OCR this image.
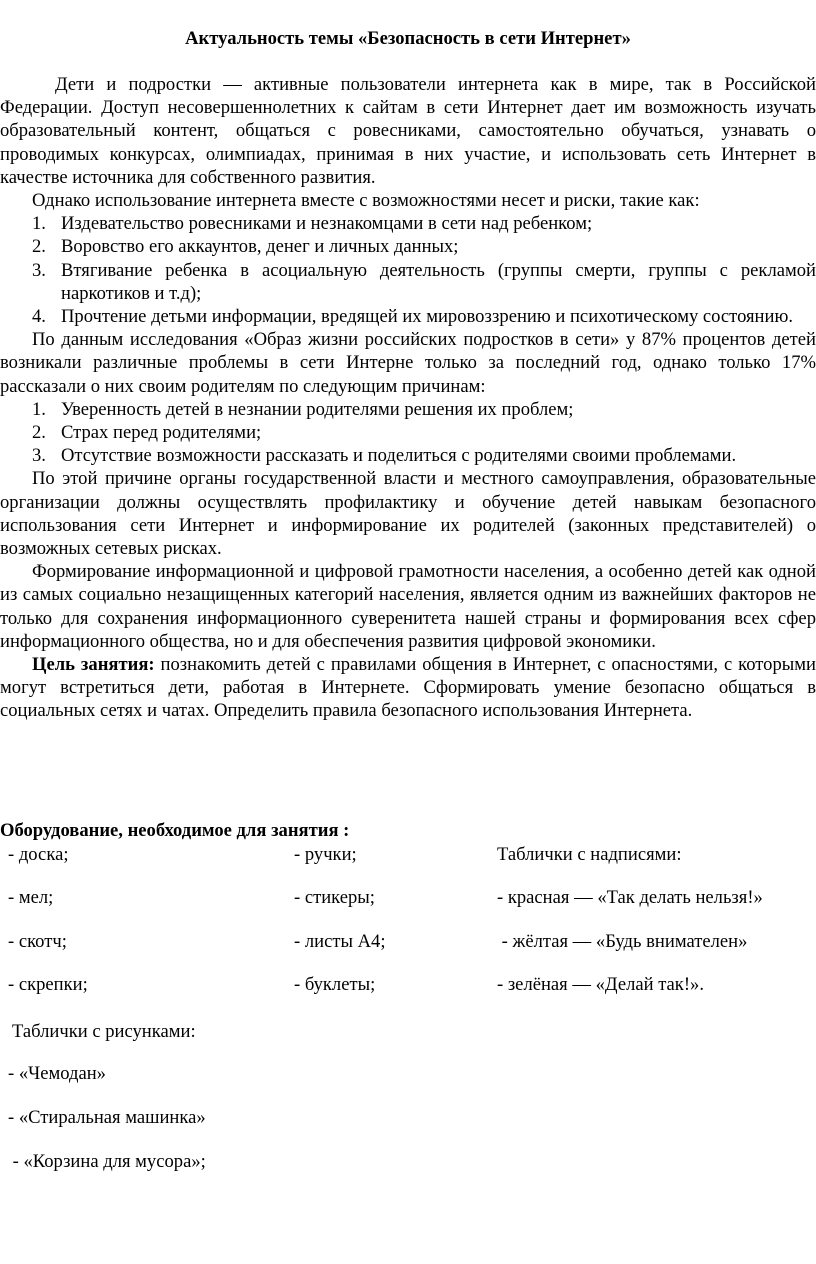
Актуальность темы «Безопасность в сети Интернет»

Дети и подростки — активные пользователи интернета как в мире, так в Российской Федерации. Доступ несовершеннолетних к сайтам в сети Интернет дает им возможность изучать образовательный контент, общаться с ровесниками, самостоятельно обучаться, узнавать о проводимых конкурсах, олимпиадах, принимая в них участие, и использовать сеть Интернет в качестве источника для собственного развития.

Однако использование интернета вместе с возможностями несет и риски, такие как:

1. Издевательство ровесниками и незнакомцами в сети над ребенком;
2. Воровство его аккаунтов, денег и личных данных;
3. Втягивание ребенка в асоциальную деятельность (группы смерти, группы с рекламой наркотиков и т.д);
4. Прочтение детьми информации, вредящей их мировоззрению и психотическому состоянию.

По данным исследования «Образ жизни российских подростков в сети» у 87% процентов детей возникали различные проблемы в сети Интерне только за последний год, однако только 17% рассказали о них своим родителям по следующим причинам:

1. Уверенность детей в незнании родителями решения их проблем;
2. Страх перед родителями;
3. Отсутствие возможности рассказать и поделиться с родителями своими проблемами.

По этой причине органы государственной власти и местного самоуправления, образовательные организации должны осуществлять профилактику и обучение детей навыкам безопасного использования сети Интернет и информирование их родителей (законных представителей) о возможных сетевых рисках.

Формирование информационной и цифровой грамотности населения, а особенно детей как одной из самых социально незащищенных категорий населения, является одним из важнейших факторов не только для сохранения информационного суверенитета нашей страны и формирования всех сфер информационного общества, но и для обеспечения развития цифровой экономики.

Цель занятия: познакомить детей с правилами общения в Интернет, с опасностями, с которыми могут встретиться дети, работая в Интернете. Сформировать умение безопасно общаться в социальных сетях и чатах. Определить правила безопасного использования Интернета.

Оборудование, необходимое для занятия :
- доска;
- мел;
- скотч;
- скрепки;
- ручки;
- стикеры;
- листы А4;
- буклеты;
Таблички с надписями:
- красная — «Так делать нельзя!»
- жёлтая — «Будь внимателен»
- зелёная — «Делай так!».
Таблички с рисунками:
- «Чемодан»
- «Стиральная машинка»
- «Корзина для мусора»;
